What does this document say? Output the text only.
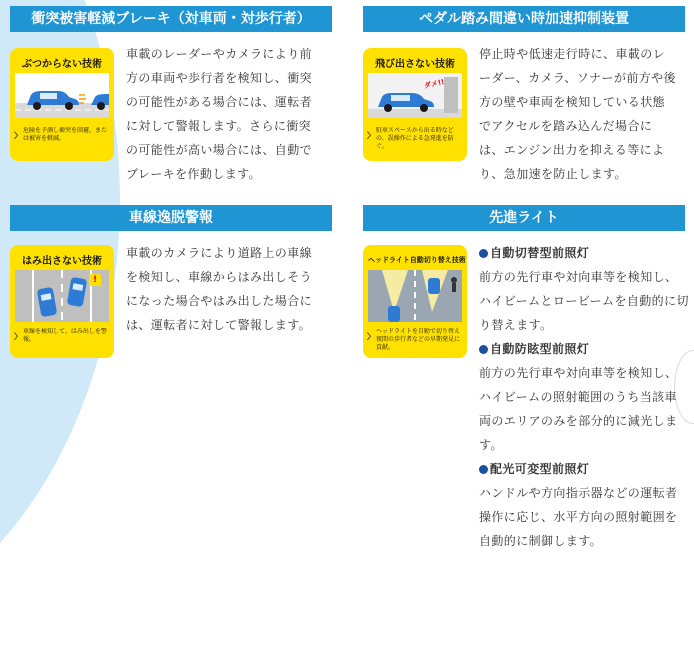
衝突被害軽減ブレーキ（対車両・対歩行者）
ぶつからない技術
危険を予測し衝突を回避、または被害を軽減。
〉
車載のレーダーやカメラにより前方の車両や歩行者を検知し、衝突の可能性がある場合には、運転者に対して警報します。さらに衝突の可能性が高い場合には、自動でブレーキを作動します。
ペダル踏み間違い時加速抑制装置
飛び出さない技術
ダメ!!
駐車スペースから出る時などの、誤操作による急発進を防ぐ。
〉
停止時や低速走行時に、車載のレーダー、カメラ、ソナーが前方や後方の壁や車両を検知している状態でアクセルを踏み込んだ場合には、エンジン出力を抑える等により、急加速を防止します。
車線逸脱警報
はみ出さない技術
!
車線を検知して、はみ出しを警報。
〉
車載のカメラにより道路上の車線を検知し、車線からはみ出しそうになった場合やはみ出した場合には、運転者に対して警報します。
先進ライト
ヘッドライト自動切り替え技術
ヘッドライトを自動で切り替え夜間の歩行者などの早期発見に貢献。
〉
自動切替型前照灯
前方の先行車や対向車等を検知し、ハイビームとロービームを自動的に切り替えます。
自動防眩型前照灯
前方の先行車や対向車等を検知し、ハイビームの照射範囲のうち当該車両のエリアのみを部分的に減光します。
配光可変型前照灯
ハンドルや方向指示器などの運転者操作に応じ、水平方向の照射範囲を自動的に制御します。
